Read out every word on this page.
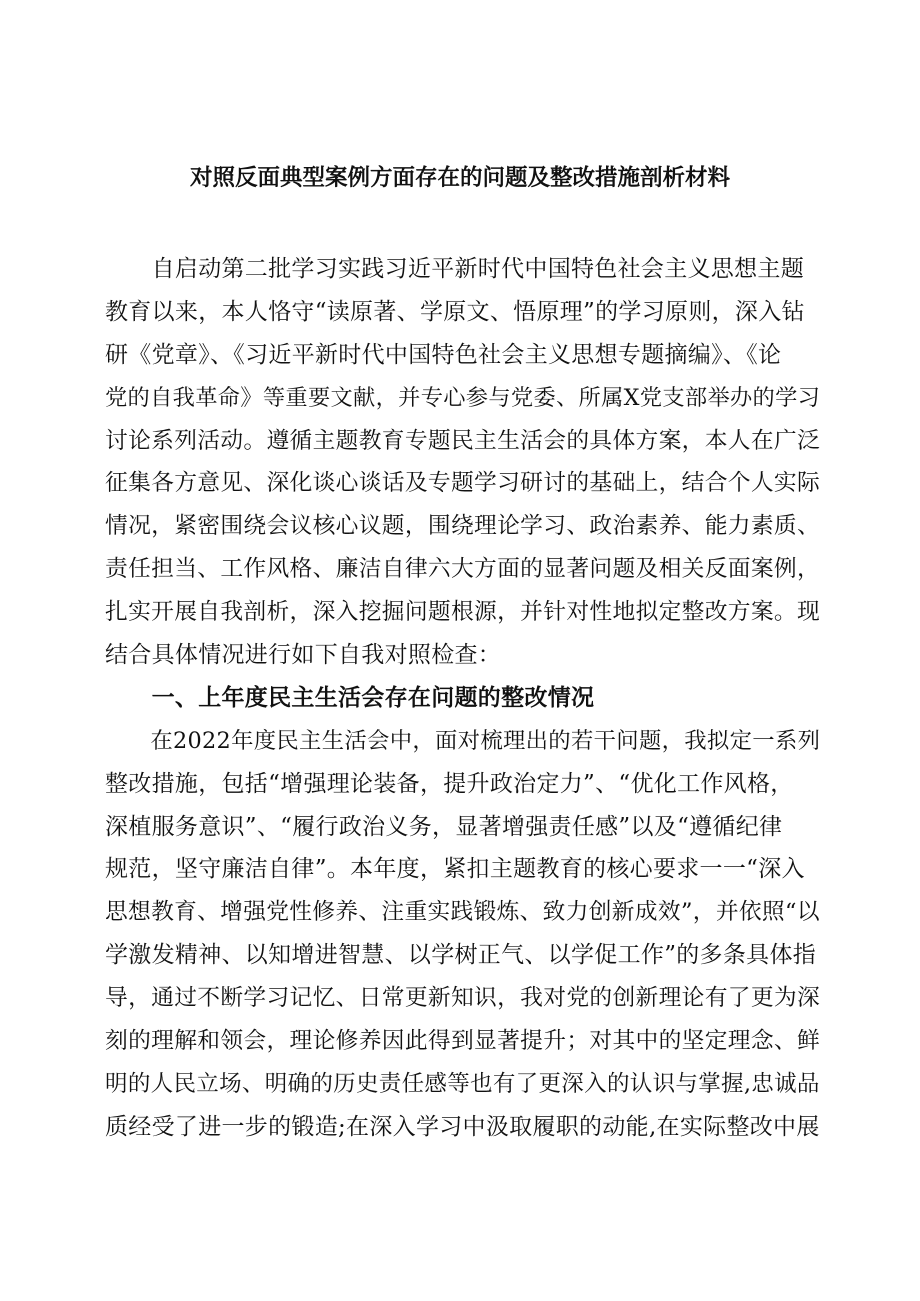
对照反面典型案例方面存在的问题及整改措施剖析材料
　　自启动第二批学习实践习近平新时代中国特色社会主义思想主题
教育以来，本人恪守“读原著、学原文、悟原理”的学习原则，深入钻
研《党章》、《习近平新时代中国特色社会主义思想专题摘编》、《论
党的自我革命》等重要文献，并专心参与党委、所属X党支部举办的学习
讨论系列活动。遵循主题教育专题民主生活会的具体方案，本人在广泛
征集各方意见、深化谈心谈话及专题学习研讨的基础上，结合个人实际
情况，紧密围绕会议核心议题，围绕理论学习、政治素养、能力素质、
责任担当、工作风格、廉洁自律六大方面的显著问题及相关反面案例，
扎实开展自我剖析，深入挖掘问题根源，并针对性地拟定整改方案。现
结合具体情况进行如下自我对照检查：
　　一、上年度民主生活会存在问题的整改情况
　　在2022年度民主生活会中，面对梳理出的若干问题，我拟定一系列
整改措施，包括“增强理论装备，提升政治定力”、“优化工作风格，
深植服务意识”、“履行政治义务，显著增强责任感”以及“遵循纪律
规范，坚守廉洁自律”。本年度，紧扣主题教育的核心要求一一“深入
思想教育、增强党性修养、注重实践锻炼、致力创新成效”，并依照“以
学激发精神、以知增进智慧、以学树正气、以学促工作”的多条具体指
导，通过不断学习记忆、日常更新知识，我对党的创新理论有了更为深
刻的理解和领会，理论修养因此得到显著提升；对其中的坚定理念、鲜
明的人民立场、明确的历史责任感等也有了更深入的认识与掌握,忠诚品
质经受了进一步的锻造;在深入学习中汲取履职的动能,在实际整改中展
